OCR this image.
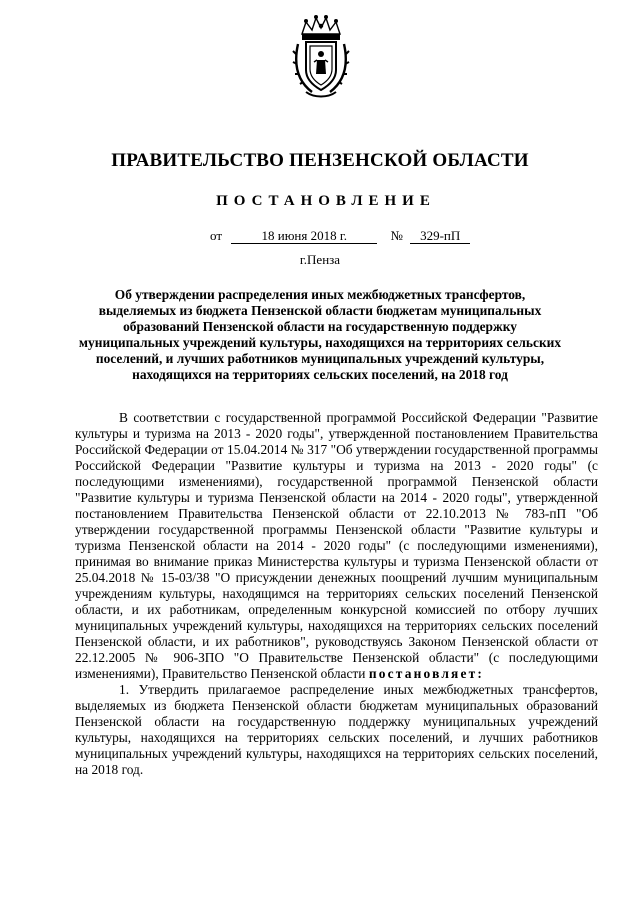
ПРАВИТЕЛЬСТВО ПЕНЗЕНСКОЙ ОБЛАСТИ
ПОСТАНОВЛЕНИЕ
от	18 июня 2018 г.	№ 329-пП
г.Пенза
Об утверждении распределения иных межбюджетных трансфертов, выделяемых из бюджета Пензенской области бюджетам муниципальных образований Пензенской области на государственную поддержку муниципальных учреждений культуры, находящихся на территориях сельских поселений, и лучших работников муниципальных учреждений культуры, находящихся на территориях сельских поселений, на 2018 год

В соответствии с государственной программой Российской Федерации "Развитие культуры и туризма на 2013 - 2020 годы", утвержденной постановлением Правительства Российской Федерации от 15.04.2014 № 317 "Об утверждении государственной программы Российской Федерации "Развитие культуры и туризма на 2013 - 2020 годы" (с последующими изменениями), государственной программой Пензенской области "Развитие культуры и туризма Пензенской области на 2014 - 2020 годы", утвержденной постановлением Правительства Пензенской области от 22.10.2013 № 783-пП "Об утверждении государственной программы Пензенской области "Развитие культуры и туризма Пензенской области на 2014 - 2020 годы" (с последующими изменениями), принимая во внимание приказ Министерства культуры и туризма Пензенской области от 25.04.2018 № 15-03/38 "О присуждении денежных поощрений лучшим муниципальным учреждениям культуры, находящимся на территориях сельских поселений Пензенской области, и их работникам, определенным конкурсной комиссией по отбору лучших муниципальных учреждений культуры, находящихся на территориях сельских поселений Пензенской области, и их работников", руководствуясь Законом Пензенской области от 22.12.2005 № 906-ЗПО "О Правительстве Пензенской области" (с последующими изменениями), Правительство Пензенской области постановляет:

1. Утвердить прилагаемое распределение иных межбюджетных трансфертов, выделяемых из бюджета Пензенской области бюджетам муниципальных образований Пензенской области на государственную поддержку муниципальных учреждений культуры, находящихся на территориях сельских поселений, и лучших работников муниципальных учреждений культуры, находящихся на территориях сельских поселений, на 2018 год.
